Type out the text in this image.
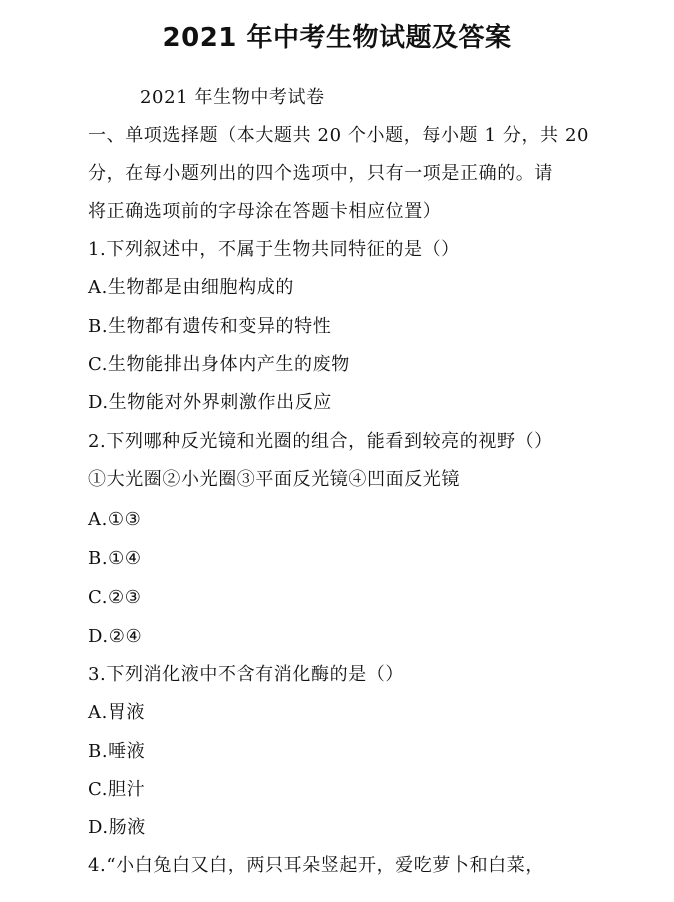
2021 年中考生物试题及答案
2021 年生物中考试卷
一、单项选择题（本大题共 20 个小题，每小题 1 分，共 20
分，在每小题列出的四个选项中，只有一项是正确的。请
将正确选项前的字母涂在答题卡相应位置）
1.下列叙述中，不属于生物共同特征的是（）
A.生物都是由细胞构成的
B.生物都有遗传和变异的特性
C.生物能排出身体内产生的废物
D.生物能对外界刺激作出反应
2.下列哪种反光镜和光圈的组合，能看到较亮的视野（）
①大光圈②小光圈③平面反光镜④凹面反光镜
A.①③
B.①④
C.②③
D.②④
3.下列消化液中不含有消化酶的是（）
A.胃液
B.唾液
C.胆汁
D.肠液
4.“小白兔白又白，两只耳朵竖起开，爱吃萝卜和白菜，
